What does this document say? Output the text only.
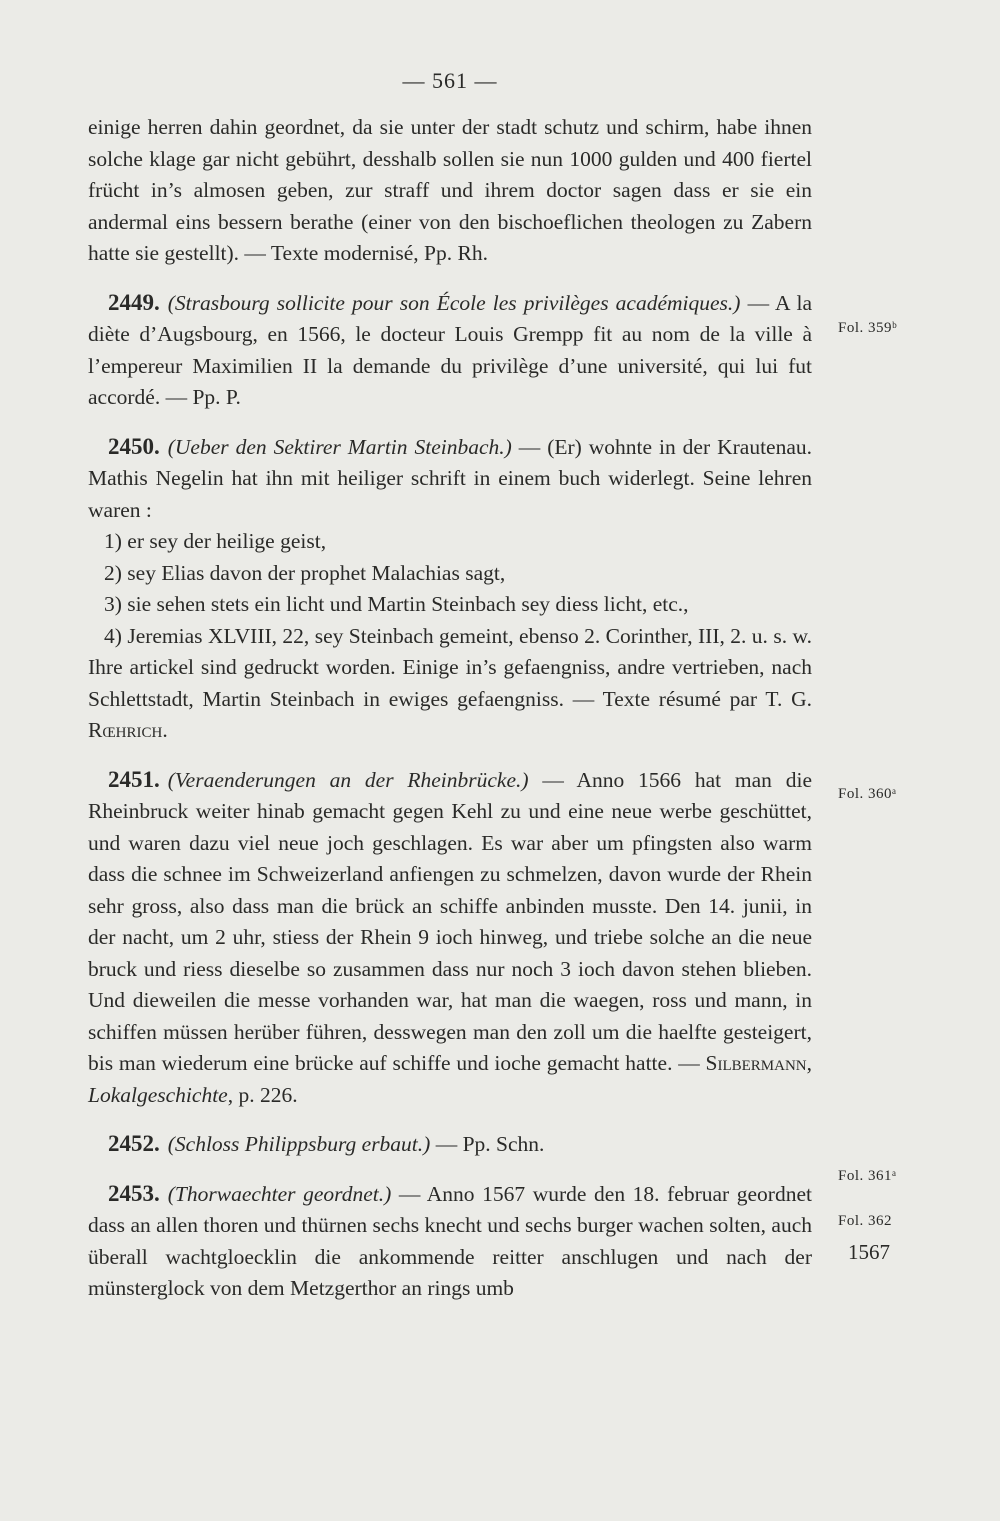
— 561 —

einige herren dahin geordnet, da sie unter der stadt schutz und schirm, habe ihnen solche klage gar nicht gebührt, desshalb sollen sie nun 1000 gulden und 400 fiertel frücht in’s almosen geben, zur straff und ihrem doctor sagen dass er sie ein andermal eins bessern berathe (einer von den bischoeflichen theologen zu Zabern hatte sie gestellt). — Texte modernisé, Pp. Rh.

2449. (Strasbourg sollicite pour son École les privilèges académiques.) — A la diète d’Augsbourg, en 1566, le docteur Louis Grempp fit au nom de la ville à l’empereur Maximilien II la demande du privilège d’une université, qui lui fut accordé. — Pp. P.

2450. (Ueber den Sektirer Martin Steinbach.) — (Er) wohnte in der Krautenau. Mathis Negelin hat ihn mit heiliger schrift in einem buch widerlegt. Seine lehren waren :

1) er sey der heilige geist,

2) sey Elias davon der prophet Malachias sagt,

3) sie sehen stets ein licht und Martin Steinbach sey diess licht, etc.,

4) Jeremias XLVIII, 22, sey Steinbach gemeint, ebenso 2. Corinther, III, 2. u. s. w. Ihre artickel sind gedruckt worden. Einige in’s gefaengniss, andre vertrieben, nach Schlettstadt, Martin Steinbach in ewiges gefaengniss. — Texte résumé par T. G. Rœhrich.

2451. (Veraenderungen an der Rheinbrücke.) — Anno 1566 hat man die Rheinbruck weiter hinab gemacht gegen Kehl zu und eine neue werbe geschüttet, und waren dazu viel neue joch geschlagen. Es war aber um pfingsten also warm dass die schnee im Schweizerland anfiengen zu schmelzen, davon wurde der Rhein sehr gross, also dass man die brück an schiffe anbinden musste. Den 14. junii, in der nacht, um 2 uhr, stiess der Rhein 9 ioch hinweg, und triebe solche an die neue bruck und riess dieselbe so zusammen dass nur noch 3 ioch davon stehen blieben. Und dieweilen die messe vorhanden war, hat man die waegen, ross und mann, in schiffen müssen herüber führen, desswegen man den zoll um die haelfte gesteigert, bis man wiederum eine brücke auf schiffe und ioche gemacht hatte. — Silbermann, Lokalgeschichte, p. 226.

2452. (Schloss Philippsburg erbaut.) — Pp. Schn.

2453. (Thorwaechter geordnet.) — Anno 1567 wurde den 18. februar geordnet dass an allen thoren und thürnen sechs knecht und sechs burger wachen solten, auch überall wachtgloecklin die ankommende reitter anschlugen und nach der münsterglock von dem Metzgerthor an rings umb

Fol. 359ᵇ
Fol. 360ᵃ
Fol. 361ᵃ
Fol. 362
1567
